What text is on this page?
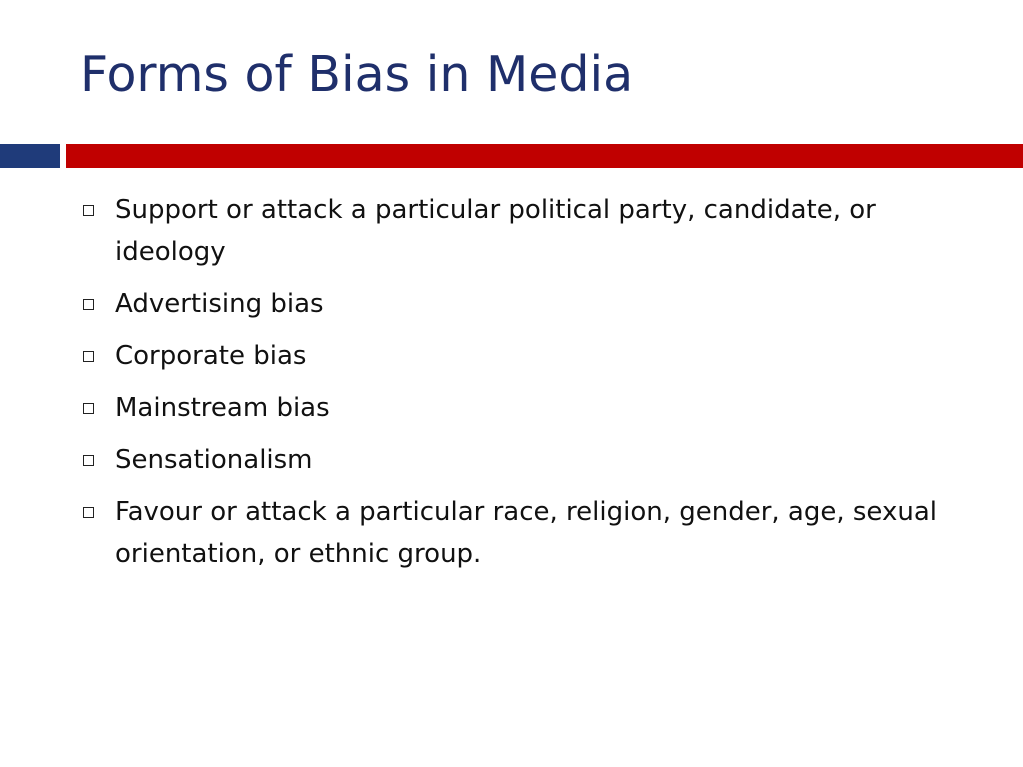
Forms of Bias in Media
Support or attack a particular political party, candidate, or ideology
Advertising bias
Corporate bias
Mainstream bias
Sensationalism
Favour or attack a particular race, religion, gender, age, sexual orientation, or ethnic group.
